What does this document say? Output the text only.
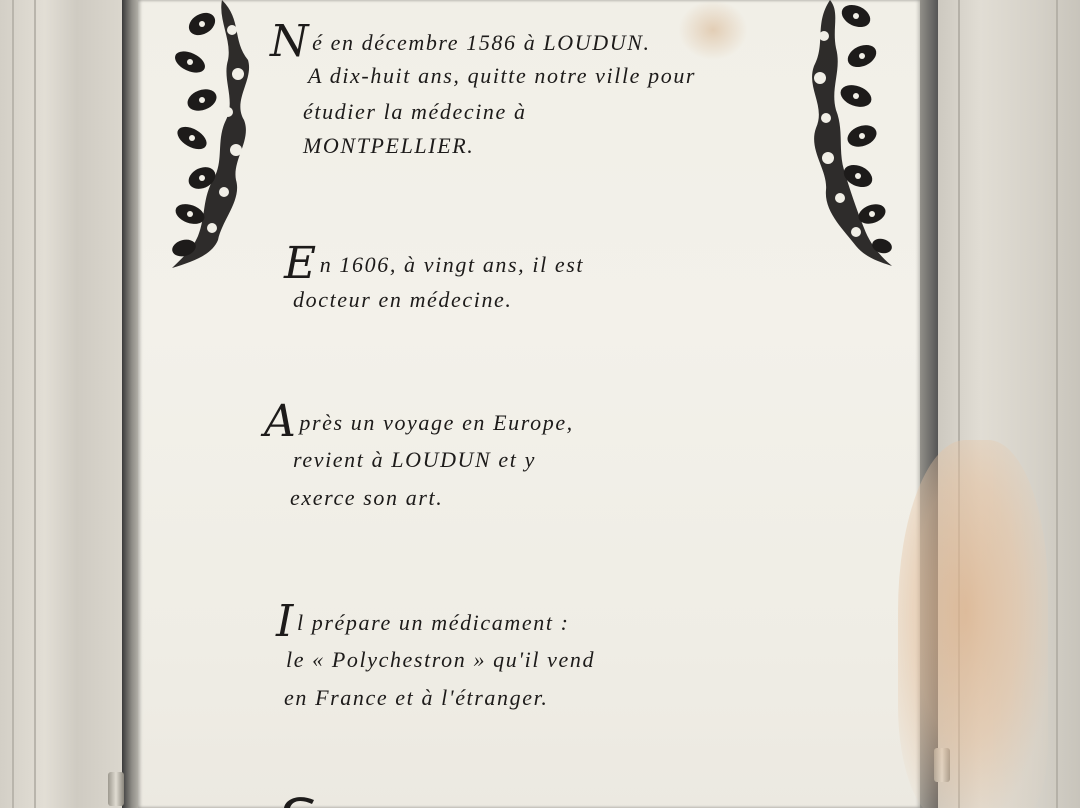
Né en décembre 1586 à LOUDUN.
A dix-huit ans, quitte notre ville pour
étudier la médecine à
MONTPELLIER.
En 1606, à vingt ans, il est
docteur en médecine.
Après un voyage en Europe,
revient à LOUDUN et y
exerce son art.
Il prépare un médicament :
le « Polychestron » qu'il vend
en France et à l'étranger.
